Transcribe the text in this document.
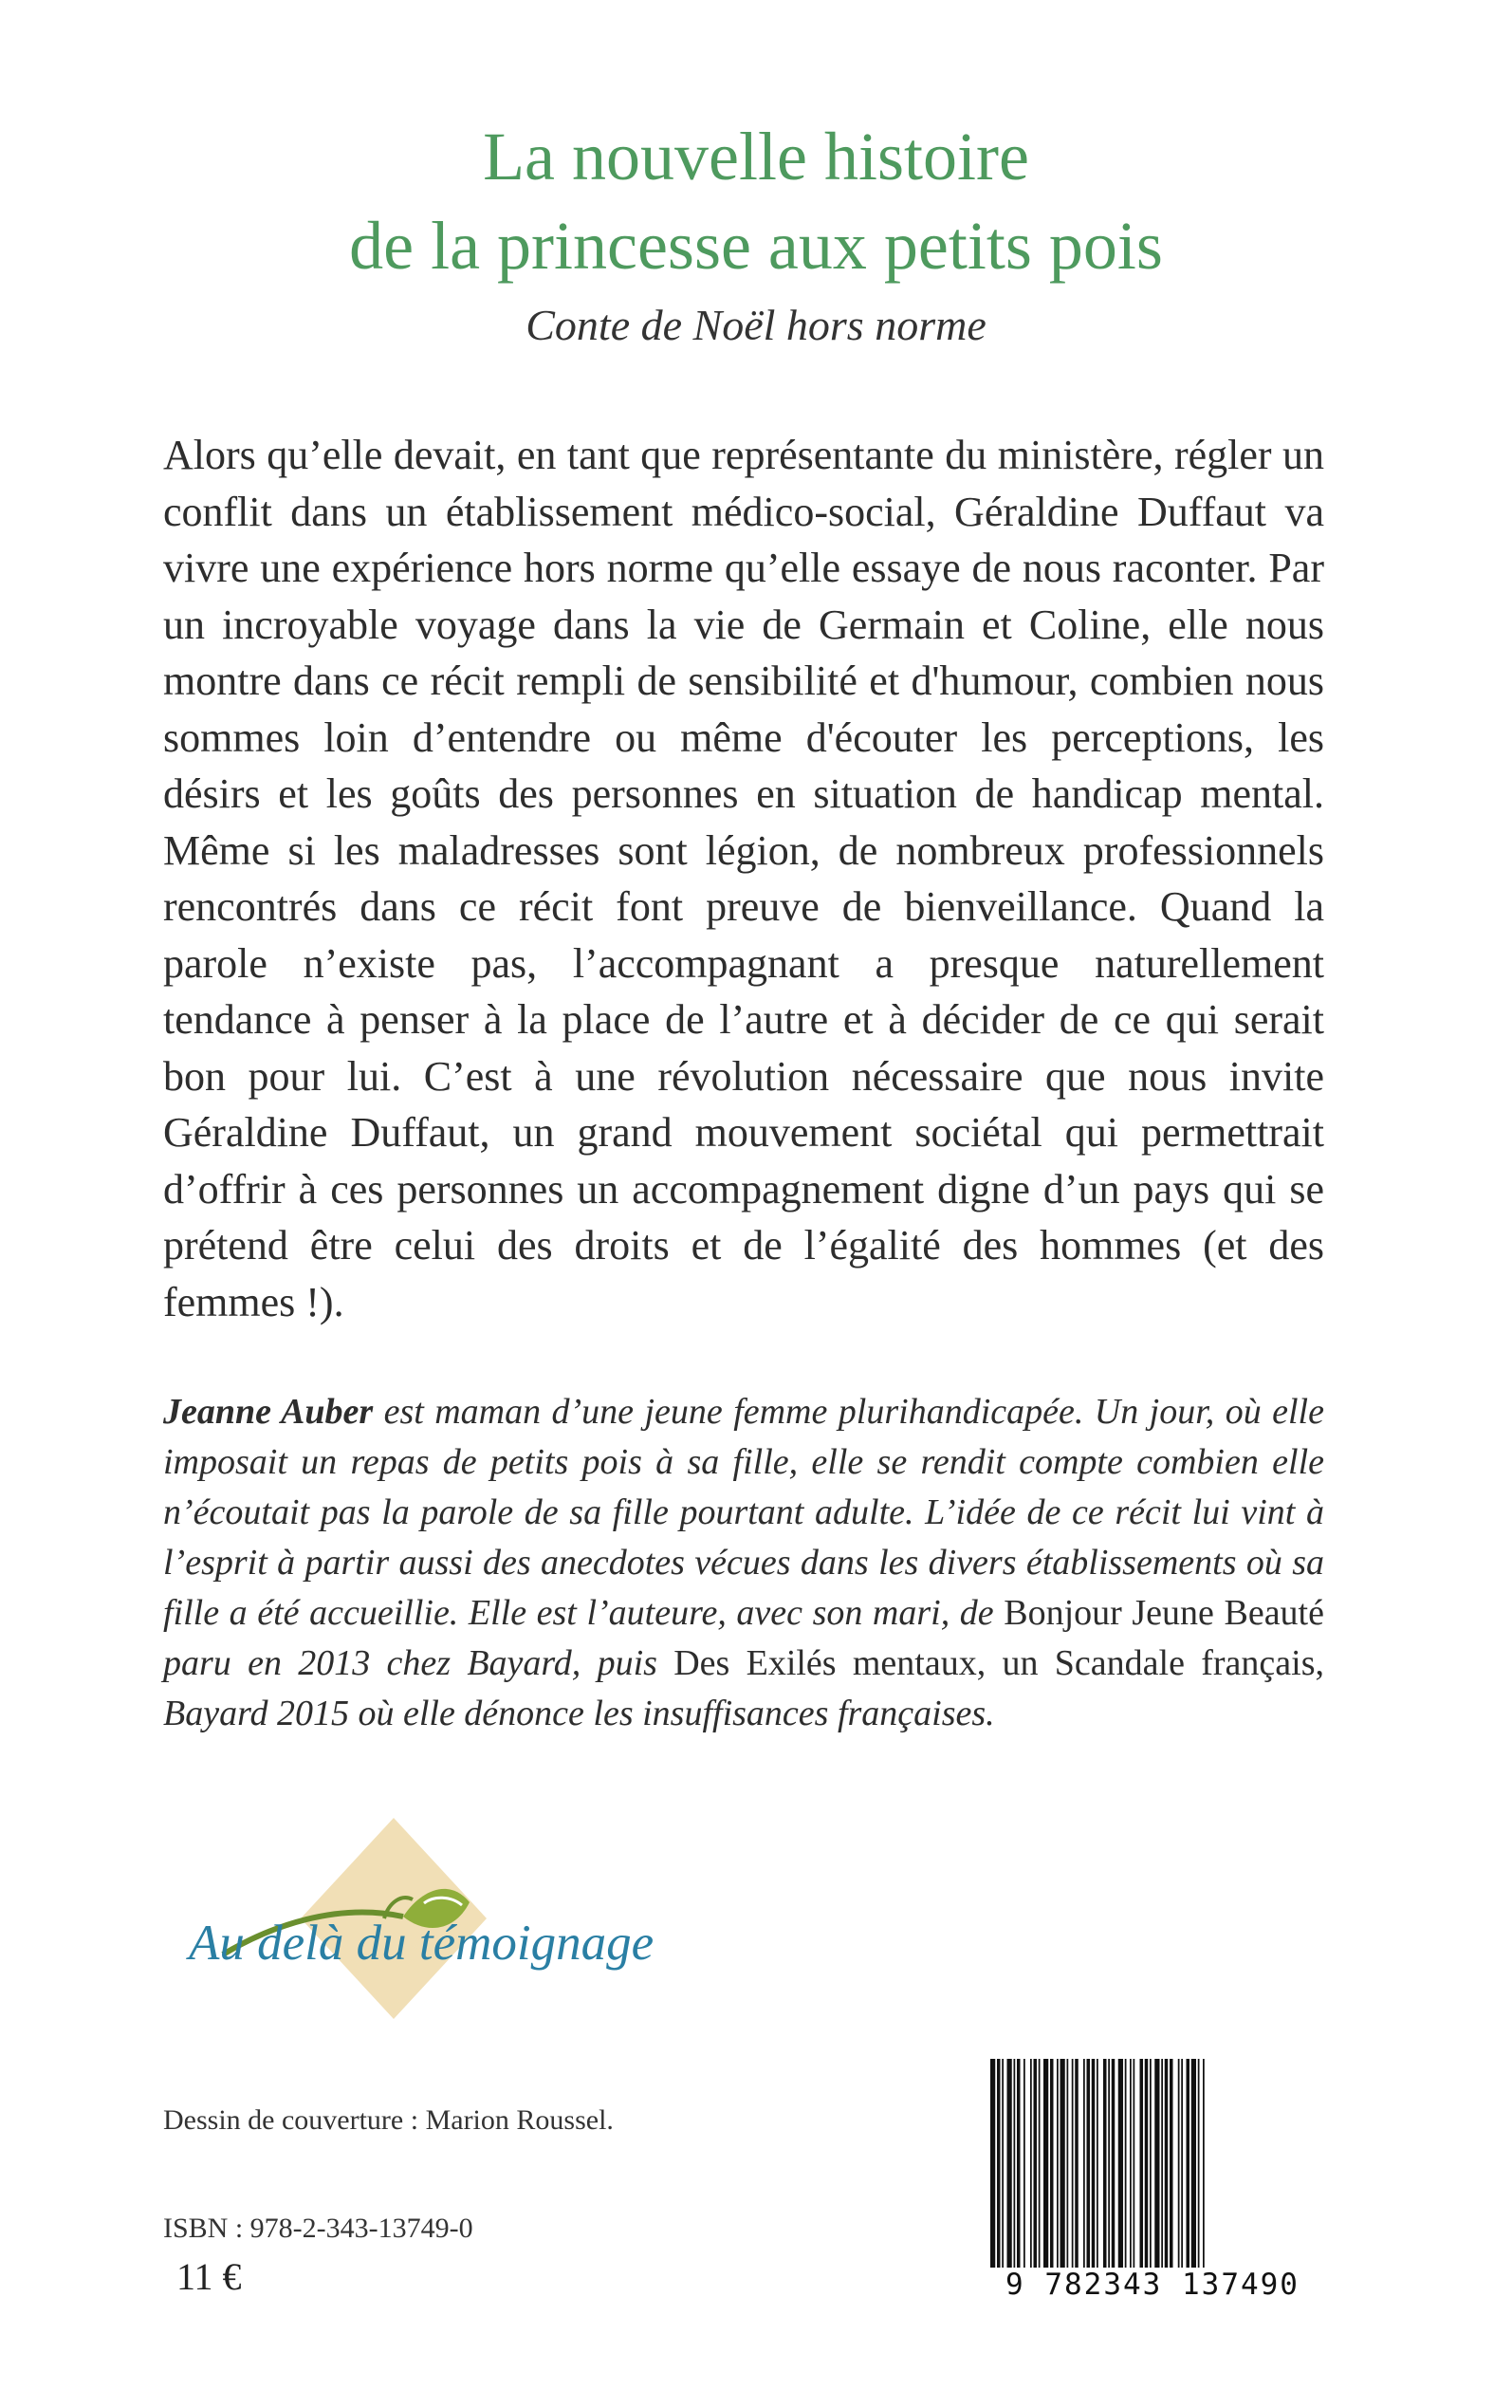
La nouvelle histoire
de la princesse aux petits pois
Conte de Noël hors norme

Alors qu’elle devait, en tant que représentante du ministère, régler un conflit dans un établissement médico-social, Géraldine Duffaut va vivre une expérience hors norme qu’elle essaye de nous raconter. Par un incroyable voyage dans la vie de Germain et Coline, elle nous montre dans ce récit rempli de sensibilité et d'humour, combien nous sommes loin d’entendre ou même d'écouter les perceptions, les désirs et les goûts des personnes en situation de handicap mental. Même si les maladresses sont légion, de nombreux professionnels rencontrés dans ce récit font preuve de bienveillance. Quand la parole n’existe pas, l’accompagnant a presque naturellement tendance à penser à la place de l’autre et à décider de ce qui serait bon pour lui. C’est à une révolution nécessaire que nous invite Géraldine Duffaut, un grand mouvement sociétal qui permettrait d’offrir à ces personnes un accompagnement digne d’un pays qui se prétend être celui des droits et de l’égalité des hommes (et des femmes !).

Jeanne Auber est maman d’une jeune femme plurihandicapée. Un jour, où elle imposait un repas de petits pois à sa fille, elle se rendit compte combien elle n’écoutait pas la parole de sa fille pourtant adulte. L’idée de ce récit lui vint à l’esprit à partir aussi des anecdotes vécues dans les divers établissements où sa fille a été accueillie. Elle est l’auteure, avec son mari, de Bonjour Jeune Beauté paru en 2013 chez Bayard, puis Des Exilés mentaux, un Scandale français, Bayard 2015 où elle dénonce les insuffisances françaises.

Au delà du témoignage
Dessin de couverture : Marion Roussel.
ISBN : 978-2-343-13749-0
11 €	9 782343 137490
